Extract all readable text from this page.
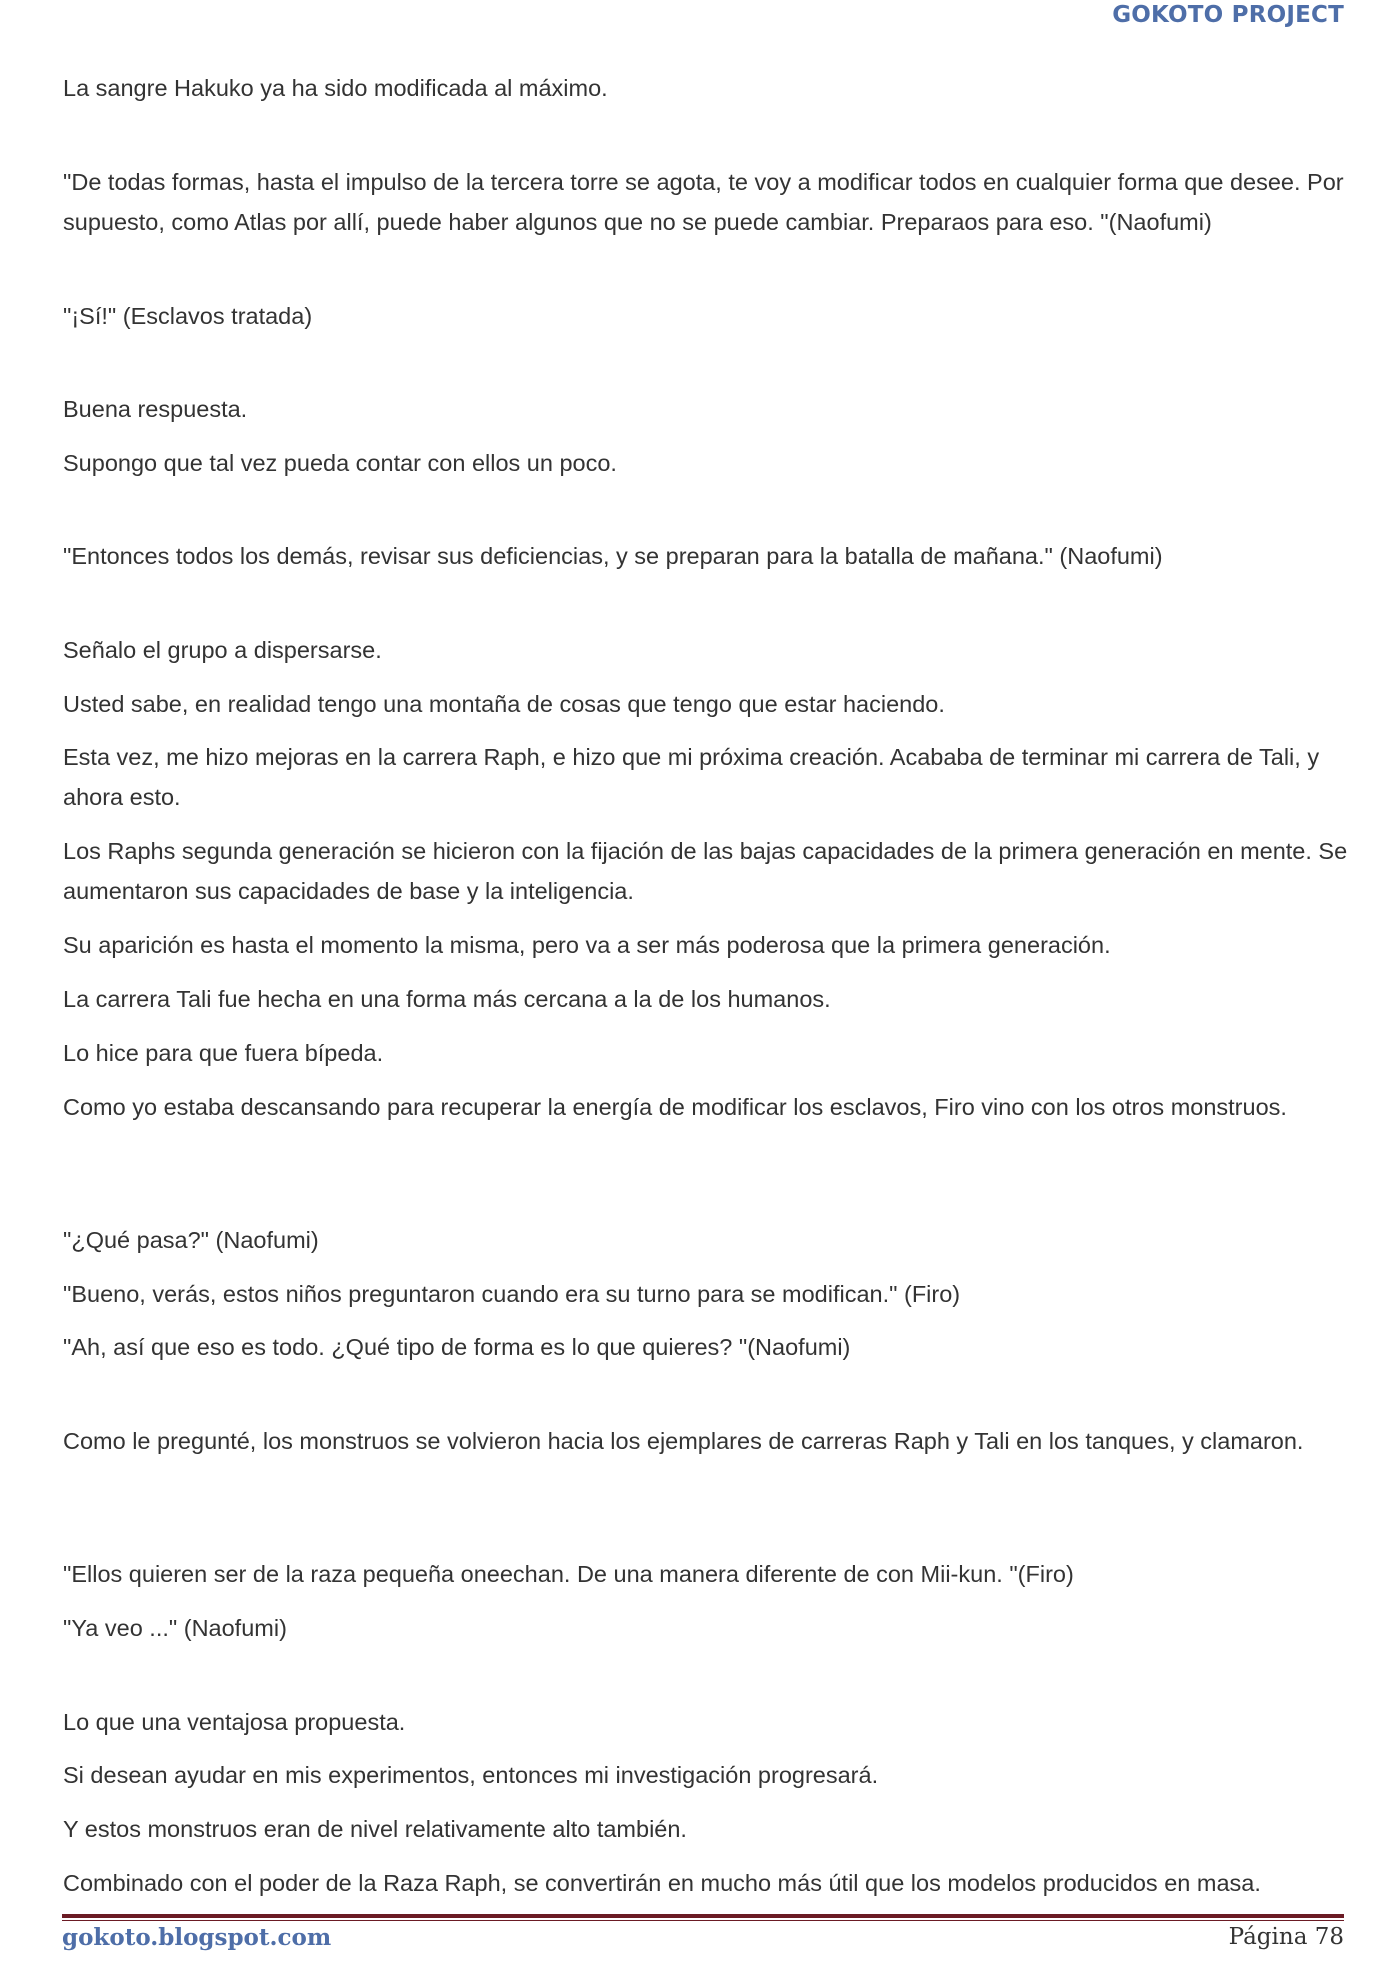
GOKOTO PROJECT

La sangre Hakuko ya ha sido modificada al máximo.

"De todas formas, hasta el impulso de la tercera torre se agota, te voy a modificar todos en cualquier forma que desee. Por supuesto, como Atlas por allí, puede haber algunos que no se puede cambiar. Preparaos para eso. "(Naofumi)

"¡Sí!" (Esclavos tratada)

Buena respuesta.

Supongo que tal vez pueda contar con ellos un poco.

"Entonces todos los demás, revisar sus deficiencias, y se preparan para la batalla de mañana." (Naofumi)

Señalo el grupo a dispersarse.

Usted sabe, en realidad tengo una montaña de cosas que tengo que estar haciendo.

Esta vez, me hizo mejoras en la carrera Raph, e hizo que mi próxima creación. Acababa de terminar mi carrera de Tali, y ahora esto.

Los Raphs segunda generación se hicieron con la fijación de las bajas capacidades de la primera generación en mente. Se aumentaron sus capacidades de base y la inteligencia.

Su aparición es hasta el momento la misma, pero va a ser más poderosa que la primera generación.

La carrera Tali fue hecha en una forma más cercana a la de los humanos.

Lo hice para que fuera bípeda.

Como yo estaba descansando para recuperar la energía de modificar los esclavos, Firo vino con los otros monstruos.

"¿Qué pasa?" (Naofumi)

"Bueno, verás, estos niños preguntaron cuando era su turno para se modifican." (Firo)

"Ah, así que eso es todo. ¿Qué tipo de forma es lo que quieres? "(Naofumi)

Como le pregunté, los monstruos se volvieron hacia los ejemplares de carreras Raph y Tali en los tanques, y clamaron.

"Ellos quieren ser de la raza pequeña oneechan. De una manera diferente de con Mii-kun. "(Firo)

"Ya veo ..." (Naofumi)

Lo que una ventajosa propuesta.

Si desean ayudar en mis experimentos, entonces mi investigación progresará.

Y estos monstruos eran de nivel relativamente alto también.

Combinado con el poder de la Raza Raph, se convertirán en mucho más útil que los modelos producidos en masa.

gokoto.blogspot.com	Página 78
